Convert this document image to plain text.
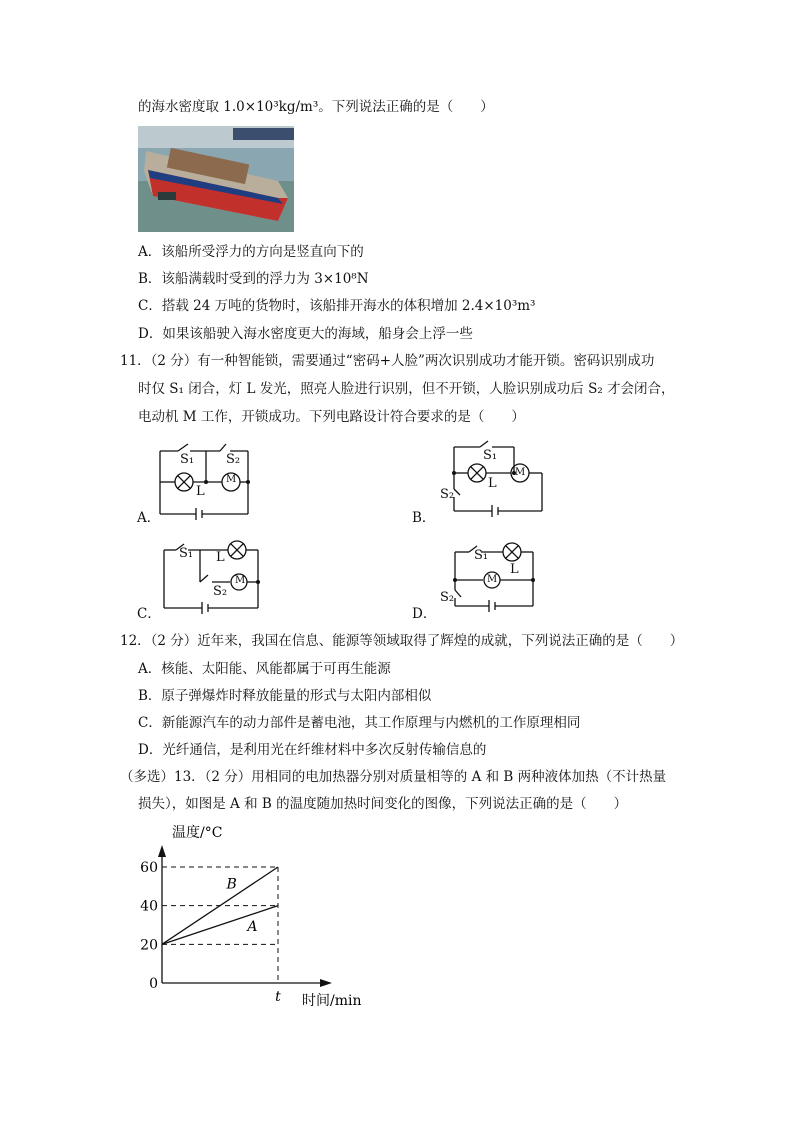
的海水密度取 1.0×10³kg/m³。下列说法正确的是（　　）
A．该船所受浮力的方向是竖直向下的
B．该船满载时受到的浮力为 3×10⁸N
C．搭载 24 万吨的货物时，该船排开海水的体积增加 2.4×10³m³
D．如果该船驶入海水密度更大的海域，船身会上浮一些
11．（2 分）有一种智能锁，需要通过“密码+人脸”两次识别成功才能开锁。密码识别成功
时仅 S₁ 闭合，灯 L 发光，照亮人脸进行识别，但不开锁，人脸识别成功后 S₂ 才会闭合，
电动机 M 工作，开锁成功。下列电路设计符合要求的是（　　）
A．
S₁ S₂
L
M
B．
S₁
S₂
L
M
C．
S₁
S₂
L
M
D．
S₁
S₂
L
M
12．（2 分）近年来，我国在信息、能源等领域取得了辉煌的成就，下列说法正确的是（　　）
A．核能、太阳能、风能都属于可再生能源
B．原子弹爆炸时释放能量的形式与太阳内部相似
C．新能源汽车的动力部件是蓄电池，其工作原理与内燃机的工作原理相同
D．光纤通信，是利用光在纤维材料中多次反射传输信息的
（多选）13．（2 分）用相同的电加热器分别对质量相等的 A 和 B 两种液体加热（不计热量
损失），如图是 A 和 B 的温度随加热时间变化的图像，下列说法正确的是（　　）
温度/°C
时间/min
0
20
40
60
t
B
A
